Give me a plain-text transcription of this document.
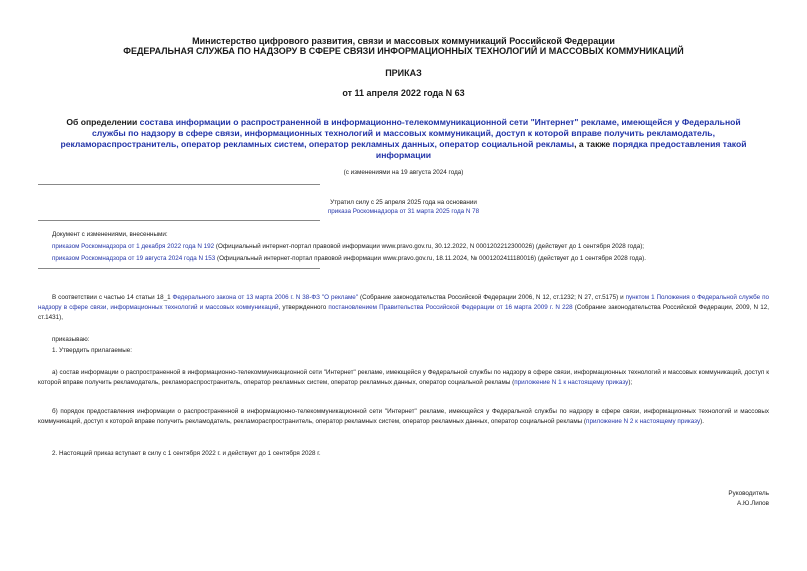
Министерство цифрового развития, связи и массовых коммуникаций Российской Федерации
ФЕДЕРАЛЬНАЯ СЛУЖБА ПО НАДЗОРУ В СФЕРЕ СВЯЗИ ИНФОРМАЦИОННЫХ ТЕХНОЛОГИЙ И МАССОВЫХ КОММУНИКАЦИЙ
ПРИКАЗ
от 11 апреля 2022 года N 63
Об определении состава информации о распространенной в информационно-телекоммуникационной сети "Интернет" рекламе, имеющейся у Федеральной службы по надзору в сфере связи, информационных технологий и массовых коммуникаций, доступ к которой вправе получить рекламодатель, рекламораспространитель, оператор рекламных систем, оператор рекламных данных, оператор социальной рекламы, а также порядка предоставления такой информации
(с изменениями на 19 августа 2024 года)
Утратил силу с 25 апреля 2025 года на основании
приказа Роскомнадзора от 31 марта 2025 года N 78
Документ с изменениями, внесенными:
приказом Роскомнадзора от 1 декабря 2022 года N 192 (Официальный интернет-портал правовой информации www.pravo.gov.ru, 30.12.2022, N 0001202212300026) (действует до 1 сентября 2028 года);
приказом Роскомнадзора от 19 августа 2024 года N 153 (Официальный интернет-портал правовой информации www.pravo.gov.ru, 18.11.2024, № 0001202411180016) (действует до 1 сентября 2028 года).
В соответствии с частью 14 статьи 18_1 Федерального закона от 13 марта 2006 г. N 38-ФЗ "О рекламе" (Собрание законодательства Российской Федерации 2006, N 12, ст.1232; N 27, ст.5175) и пунктом 1 Положения о Федеральной службе по надзору в сфере связи, информационных технологий и массовых коммуникаций, утвержденного постановлением Правительства Российской Федерации от 16 марта 2009 г. N 228 (Собрание законодательства Российской Федерации, 2009, N 12, ст.1431),
приказываю:
1. Утвердить прилагаемые:
а) состав информации о распространенной в информационно-телекоммуникационной сети "Интернет" рекламе, имеющейся у Федеральной службы по надзору в сфере связи, информационных технологий и массовых коммуникаций, доступ к которой вправе получить рекламодатель, рекламораспространитель, оператор рекламных систем, оператор рекламных данных, оператор социальной рекламы (приложение N 1 к настоящему приказу);
б) порядок предоставления информации о распространенной в информационно-телекоммуникационной сети "Интернет" рекламе, имеющейся у Федеральной службы по надзору в сфере связи, информационных технологий и массовых коммуникаций, доступ к которой вправе получить рекламодатель, рекламораспространитель, оператор рекламных систем, оператор рекламных данных, оператор социальной рекламы (приложение N 2 к настоящему приказу).
2. Настоящий приказ вступает в силу с 1 сентября 2022 г. и действует до 1 сентября 2028 г.
Руководитель
А.Ю.Липов
